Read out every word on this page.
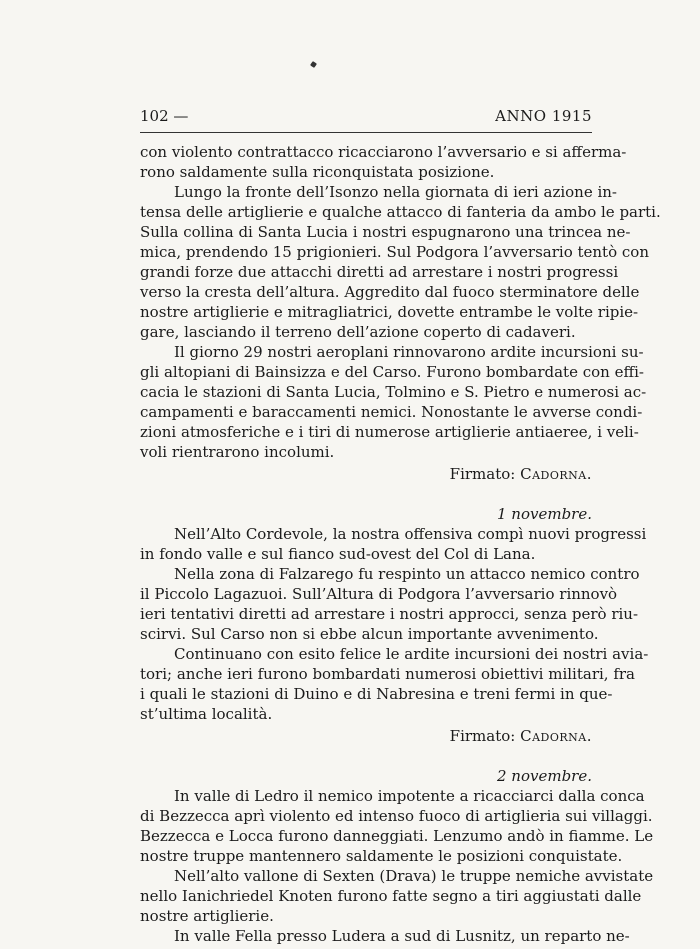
102 —	ANNO 1915
con violento contrattacco ricacciarono l’avversario e si afferma-
rono saldamente sulla riconquistata posizione.
Lungo la fronte dell’Isonzo nella giornata di ieri azione in-
tensa delle artiglierie e qualche attacco di fanteria da ambo le parti.
Sulla collina di Santa Lucia i nostri espugnarono una trincea ne-
mica, prendendo 15 prigionieri. Sul Podgora l’avversario tentò con
grandi forze due attacchi diretti ad arrestare i nostri progressi
verso la cresta dell’altura. Aggredito dal fuoco sterminatore delle
nostre artiglierie e mitragliatrici, dovette entrambe le volte ripie-
gare, lasciando il terreno dell’azione coperto di cadaveri.
Il giorno 29 nostri aeroplani rinnovarono ardite incursioni su-
gli altopiani di Bainsizza e del Carso. Furono bombardate con effi-
cacia le stazioni di Santa Lucia, Tolmino e S. Pietro e numerosi ac-
campamenti e baraccamenti nemici. Nonostante le avverse condi-
zioni atmosferiche e i tiri di numerose artiglierie antiaeree, i veli-
voli rientrarono incolumi.
Firmato: Cadorna.
1 novembre.
Nell’Alto Cordevole, la nostra offensiva compì nuovi progressi
in fondo valle e sul fianco sud-ovest del Col di Lana.
Nella zona di Falzarego fu respinto un attacco nemico contro
il Piccolo Lagazuoi. Sull’Altura di Podgora l’avversario rinnovò
ieri tentativi diretti ad arrestare i nostri approcci, senza però riu-
scirvi. Sul Carso non si ebbe alcun importante avvenimento.
Continuano con esito felice le ardite incursioni dei nostri avia-
tori; anche ieri furono bombardati numerosi obiettivi militari, fra
i quali le stazioni di Duino e di Nabresina e treni fermi in que-
st’ultima località.
Firmato: Cadorna.
2 novembre.
In valle di Ledro il nemico impotente a ricacciarci dalla conca
di Bezzecca aprì violento ed intenso fuoco di artiglieria sui villaggi.
Bezzecca e Locca furono danneggiati. Lenzumo andò in fiamme. Le
nostre truppe mantennero saldamente le posizioni conquistate.
Nell’alto vallone di Sexten (Drava) le truppe nemiche avvistate
nello Ianichriedel Knoten furono fatte segno a tiri aggiustati dalle
nostre artiglierie.
In valle Fella presso Ludera a sud di Lusnitz, un reparto ne-
